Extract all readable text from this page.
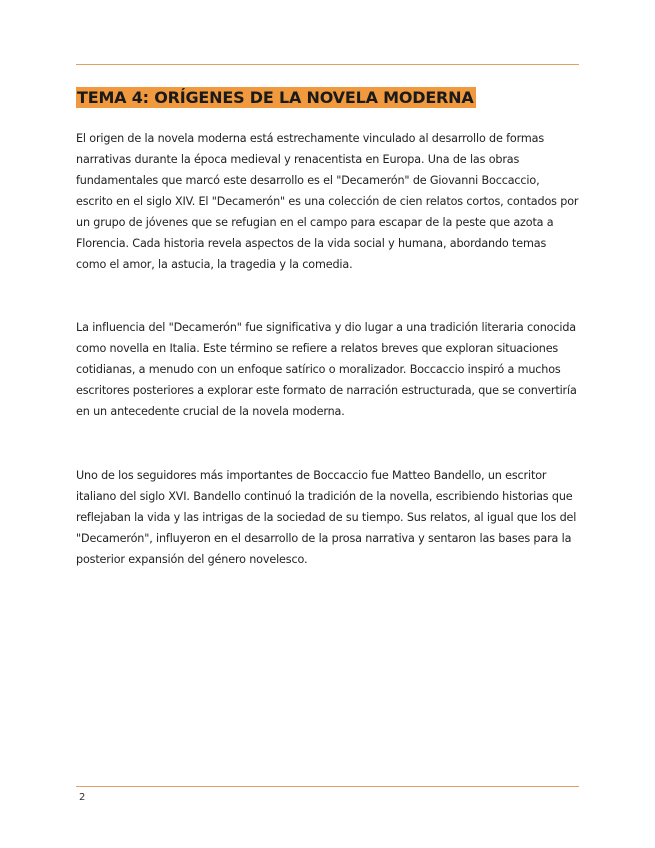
TEMA 4: ORÍGENES DE LA NOVELA MODERNA

El origen de la novela moderna está estrechamente vinculado al desarrollo de formas narrativas durante la época medieval y renacentista en Europa. Una de las obras fundamentales que marcó este desarrollo es el "Decamerón" de Giovanni Boccaccio, escrito en el siglo XIV. El "Decamerón" es una colección de cien relatos cortos, contados por un grupo de jóvenes que se refugian en el campo para escapar de la peste que azota a Florencia. Cada historia revela aspectos de la vida social y humana, abordando temas como el amor, la astucia, la tragedia y la comedia.

La influencia del "Decamerón" fue significativa y dio lugar a una tradición literaria conocida como novella en Italia. Este término se refiere a relatos breves que exploran situaciones cotidianas, a menudo con un enfoque satírico o moralizador. Boccaccio inspiró a muchos escritores posteriores a explorar este formato de narración estructurada, que se convertiría en un antecedente crucial de la novela moderna.

Uno de los seguidores más importantes de Boccaccio fue Matteo Bandello, un escritor italiano del siglo XVI. Bandello continuó la tradición de la novella, escribiendo historias que reflejaban la vida y las intrigas de la sociedad de su tiempo. Sus relatos, al igual que los del "Decamerón", influyeron en el desarrollo de la prosa narrativa y sentaron las bases para la posterior expansión del género novelesco.

2
